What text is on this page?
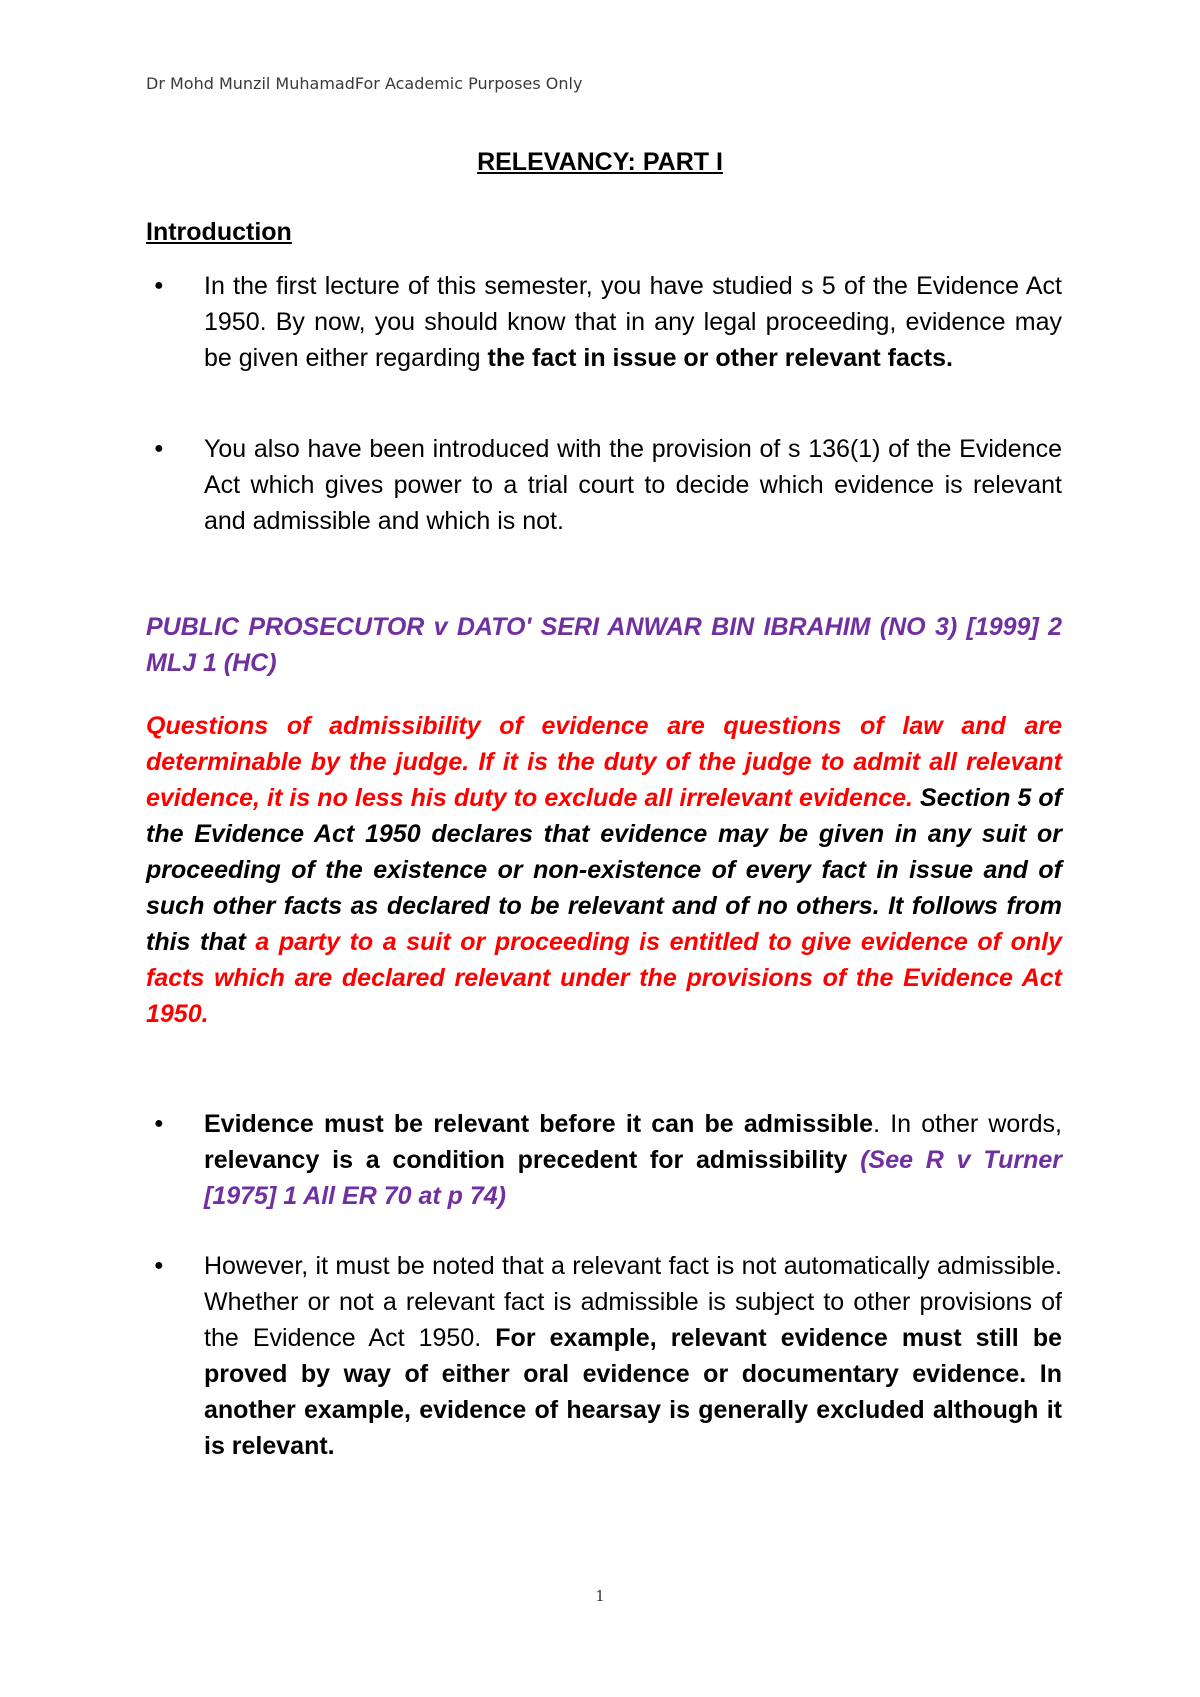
Dr Mohd Munzil MuhamadFor Academic Purposes Only
RELEVANCY: PART I
Introduction
● In the first lecture of this semester, you have studied s 5 of the Evidence Act 1950. By now, you should know that in any legal proceeding, evidence may be given either regarding the fact in issue or other relevant facts.
● You also have been introduced with the provision of s 136(1) of the Evidence Act which gives power to a trial court to decide which evidence is relevant and admissible and which is not.
PUBLIC PROSECUTOR v DATO' SERI ANWAR BIN IBRAHIM (NO 3) [1999] 2 MLJ 1 (HC)
Questions of admissibility of evidence are questions of law and are determinable by the judge. If it is the duty of the judge to admit all relevant evidence, it is no less his duty to exclude all irrelevant evidence. Section 5 of the Evidence Act 1950 declares that evidence may be given in any suit or proceeding of the existence or non-existence of every fact in issue and of such other facts as declared to be relevant and of no others. It follows from this that a party to a suit or proceeding is entitled to give evidence of only facts which are declared relevant under the provisions of the Evidence Act 1950.
● Evidence must be relevant before it can be admissible. In other words, relevancy is a condition precedent for admissibility (See R v Turner [1975] 1 All ER 70 at p 74)
● However, it must be noted that a relevant fact is not automatically admissible. Whether or not a relevant fact is admissible is subject to other provisions of the Evidence Act 1950. For example, relevant evidence must still be proved by way of either oral evidence or documentary evidence. In another example, evidence of hearsay is generally excluded although it is relevant.
1
